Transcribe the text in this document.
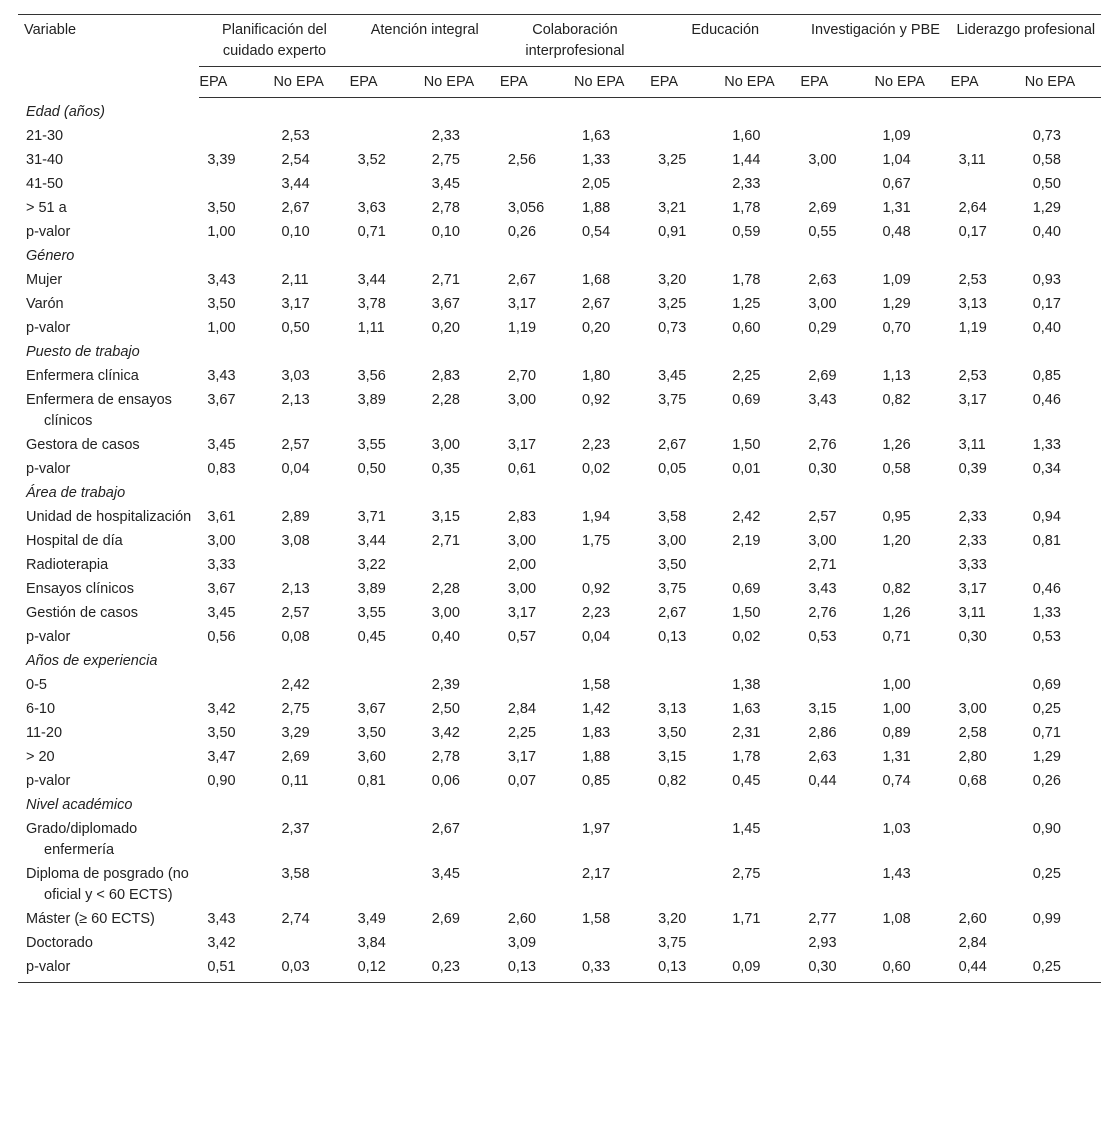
Variable	Planificación del cuidado experto		Atención integral		Colaboración interprofesional		Educación		Investigación y PBE		Liderazgo profesional	
	EPA	No EPA	EPA	No EPA	EPA	No EPA	EPA	No EPA	EPA	No EPA	EPA	No EPA
Edad (años)												
21-30		2,53		2,33		1,63		1,60		1,09		0,73
31-40	3,39	2,54	3,52	2,75	2,56	1,33	3,25	1,44	3,00	1,04	3,11	0,58
41-50		3,44		3,45		2,05		2,33		0,67		0,50
> 51 a	3,50	2,67	3,63	2,78	3,056	1,88	3,21	1,78	2,69	1,31	2,64	1,29
p-valor	1,00	0,10	0,71	0,10	0,26	0,54	0,91	0,59	0,55	0,48	0,17	0,40
Género												
Mujer	3,43	2,11	3,44	2,71	2,67	1,68	3,20	1,78	2,63	1,09	2,53	0,93
Varón	3,50	3,17	3,78	3,67	3,17	2,67	3,25	1,25	3,00	1,29	3,13	0,17
p-valor	1,00	0,50	1,11	0,20	1,19	0,20	0,73	0,60	0,29	0,70	1,19	0,40
Puesto de trabajo												
Enfermera clínica	3,43	3,03	3,56	2,83	2,70	1,80	3,45	2,25	2,69	1,13	2,53	0,85
Enfermera de ensayos clínicos	3,67	2,13	3,89	2,28	3,00	0,92	3,75	0,69	3,43	0,82	3,17	0,46
Gestora de casos	3,45	2,57	3,55	3,00	3,17	2,23	2,67	1,50	2,76	1,26	3,11	1,33
p-valor	0,83	0,04	0,50	0,35	0,61	0,02	0,05	0,01	0,30	0,58	0,39	0,34
Área de trabajo												
Unidad de hospitalización	3,61	2,89	3,71	3,15	2,83	1,94	3,58	2,42	2,57	0,95	2,33	0,94
Hospital de día	3,00	3,08	3,44	2,71	3,00	1,75	3,00	2,19	3,00	1,20	2,33	0,81
Radioterapia	3,33		3,22		2,00		3,50		2,71		3,33	
Ensayos clínicos	3,67	2,13	3,89	2,28	3,00	0,92	3,75	0,69	3,43	0,82	3,17	0,46
Gestión de casos	3,45	2,57	3,55	3,00	3,17	2,23	2,67	1,50	2,76	1,26	3,11	1,33
p-valor	0,56	0,08	0,45	0,40	0,57	0,04	0,13	0,02	0,53	0,71	0,30	0,53
Años de experiencia												
0-5		2,42		2,39		1,58		1,38		1,00		0,69
6-10	3,42	2,75	3,67	2,50	2,84	1,42	3,13	1,63	3,15	1,00	3,00	0,25
11-20	3,50	3,29	3,50	3,42	2,25	1,83	3,50	2,31	2,86	0,89	2,58	0,71
> 20	3,47	2,69	3,60	2,78	3,17	1,88	3,15	1,78	2,63	1,31	2,80	1,29
p-valor	0,90	0,11	0,81	0,06	0,07	0,85	0,82	0,45	0,44	0,74	0,68	0,26
Nivel académico												
Grado/diplomado enfermería		2,37		2,67		1,97		1,45		1,03		0,90
Diploma de posgrado (no oficial y < 60 ECTS)		3,58		3,45		2,17		2,75		1,43		0,25
Máster (≥ 60 ECTS)	3,43	2,74	3,49	2,69	2,60	1,58	3,20	1,71	2,77	1,08	2,60	0,99
Doctorado	3,42		3,84		3,09		3,75		2,93		2,84	
p-valor	0,51	0,03	0,12	0,23	0,13	0,33	0,13	0,09	0,30	0,60	0,44	0,25
